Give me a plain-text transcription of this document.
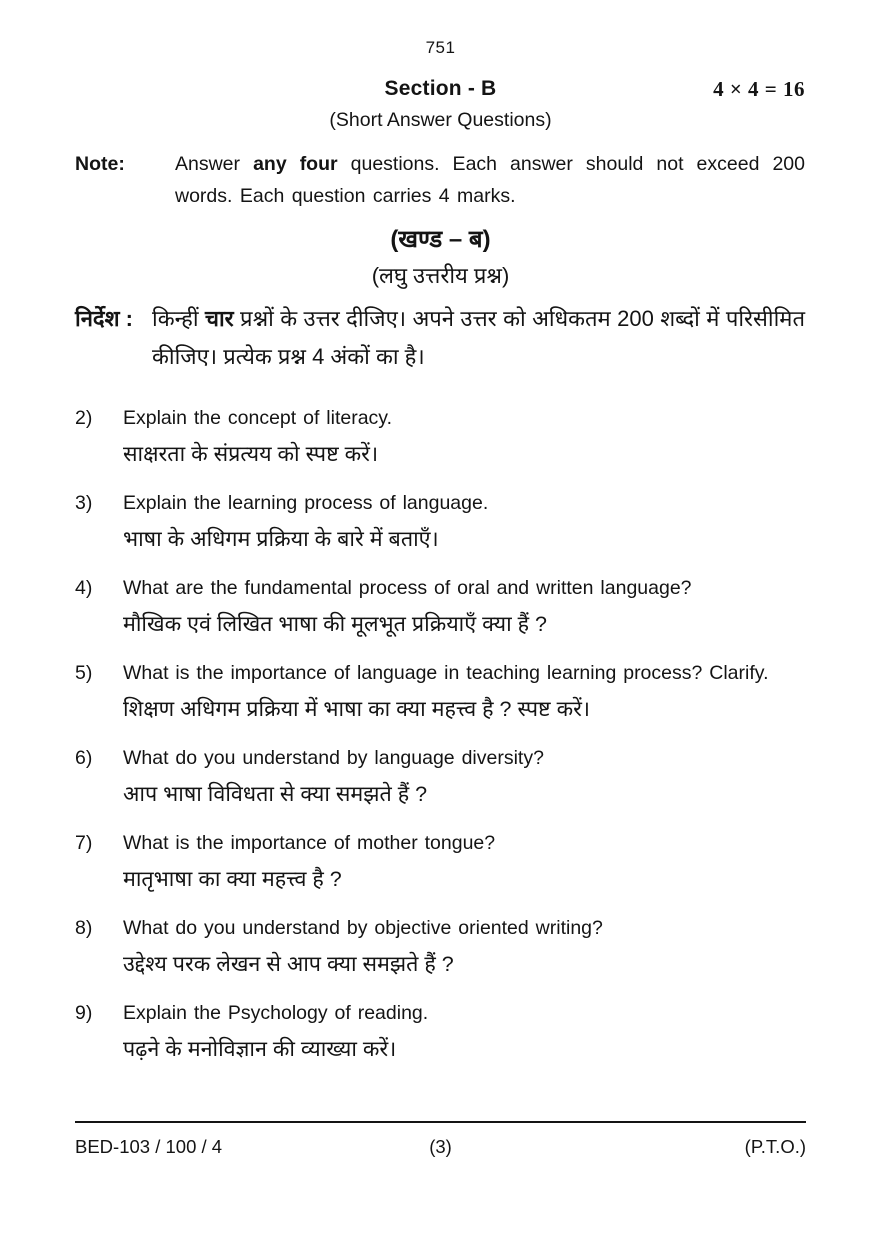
751
Section - B	4 × 4 = 16
(Short Answer Questions)
Note:	Answer any four questions. Each answer should not exceed 200 words. Each question carries 4 marks.
(खण्ड – ब)
(लघु उत्तरीय प्रश्न)
निर्देश : किन्हीं चार प्रश्नों के उत्तर दीजिए। अपने उत्तर को अधिकतम 200 शब्दों में परिसीमित कीजिए। प्रत्येक प्रश्न 4 अंकों का है।
2)	Explain the concept of literacy.
साक्षरता के संप्रत्यय को स्पष्ट करें।
3)	Explain the learning process of language.
भाषा के अधिगम प्रक्रिया के बारे में बताएँ।
4)	What are the fundamental process of oral and written language?
मौखिक एवं लिखित भाषा की मूलभूत प्रक्रियाएँ क्या हैं ?
5)	What is the importance of language in teaching learning process? Clarify.
शिक्षण अधिगम प्रक्रिया में भाषा का क्या महत्त्व है ? स्पष्ट करें।
6)	What do you understand by language diversity?
आप भाषा विविधता से क्या समझते हैं ?
7)	What is the importance of mother tongue?
मातृभाषा का क्या महत्त्व है ?
8)	What do you understand by objective oriented writing?
उद्देश्य परक लेखन से आप क्या समझते हैं ?
9)	Explain the Psychology of reading.
पढ़ने के मनोविज्ञान की व्याख्या करें।
BED-103 / 100 / 4	(3)	(P.T.O.)
